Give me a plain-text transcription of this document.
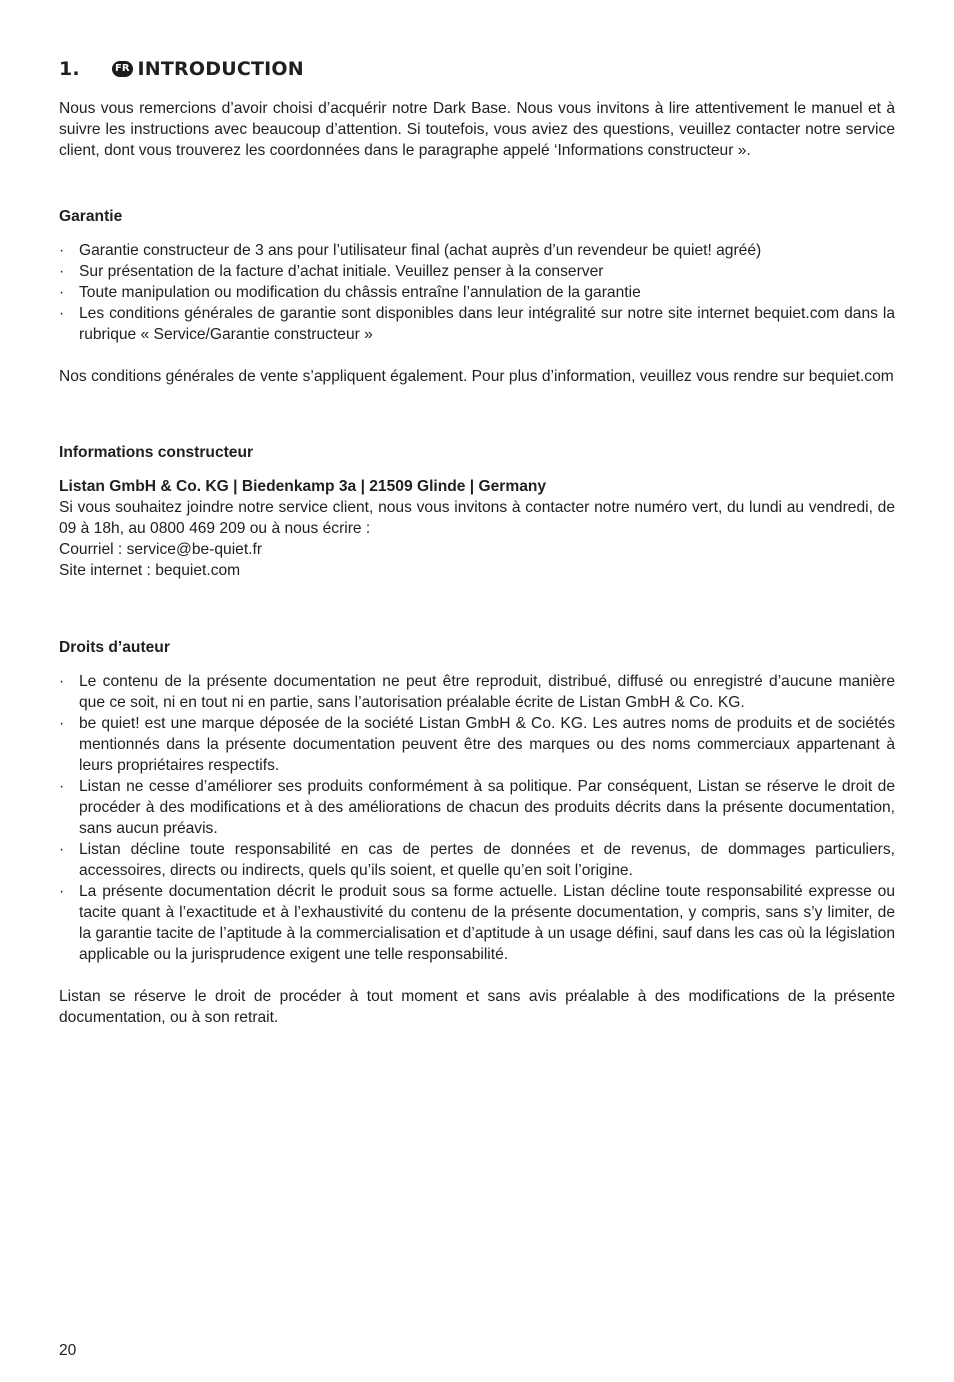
1.	FR INTRODUCTION

Nous vous remercions d’avoir choisi d’acquérir notre Dark Base. Nous vous invitons à lire attentivement le manuel et à suivre les instructions avec beaucoup d’attention. Si toutefois, vous aviez des questions, veuillez contacter notre service client, dont vous trouverez les coordonnées dans le paragraphe appelé ‘Informations constructeur ».

Garantie
· Garantie constructeur de 3 ans pour l’utilisateur final (achat auprès d’un revendeur be quiet! agréé)
· Sur présentation de la facture d’achat initiale. Veuillez penser à la conserver
· Toute manipulation ou modification du châssis entraîne l’annulation de la garantie
· Les conditions générales de garantie sont disponibles dans leur intégralité sur notre site internet bequiet.com dans la rubrique « Service/Garantie constructeur »

Nos conditions générales de vente s’appliquent également. Pour plus d’information, veuillez vous rendre sur bequiet.com

Informations constructeur

Listan GmbH & Co. KG | Biedenkamp 3a | 21509 Glinde | Germany

Si vous souhaitez joindre notre service client, nous vous invitons à contacter notre numéro vert, du lundi au vendredi, de 09 à 18h, au 0800 469 209 ou à nous écrire :

Courriel : service@be-quiet.fr

Site internet : bequiet.com

Droits d’auteur
· Le contenu de la présente documentation ne peut être reproduit, distribué, diffusé ou enregistré d’aucune manière que ce soit, ni en tout ni en partie, sans l’autorisation préalable écrite de Listan GmbH & Co. KG.
· be quiet! est une marque déposée de la société Listan GmbH & Co. KG. Les autres noms de produits et de sociétés mentionnés dans la présente documentation peuvent être des marques ou des noms commerciaux appartenant à leurs propriétaires respectifs.
· Listan ne cesse d’améliorer ses produits conformément à sa politique. Par conséquent, Listan se réserve le droit de procéder à des modifications et à des améliorations de chacun des produits décrits dans la présente documentation, sans aucun préavis.
· Listan décline toute responsabilité en cas de pertes de données et de revenus, de dommages particuliers, accessoires, directs ou indirects, quels qu’ils soient, et quelle qu’en soit l’origine.
· La présente documentation décrit le produit sous sa forme actuelle. Listan décline toute responsabilité expresse ou tacite quant à l’exactitude et à l’exhaustivité du contenu de la présente documentation, y compris, sans s’y limiter, de la garantie tacite de l’aptitude à la commercialisation et d’aptitude à un usage défini, sauf dans les cas où la législation applicable ou la jurisprudence exigent une telle responsabilité.

Listan se réserve le droit de procéder à tout moment et sans avis préalable à des modifications de la présente documentation, ou à son retrait.

20
